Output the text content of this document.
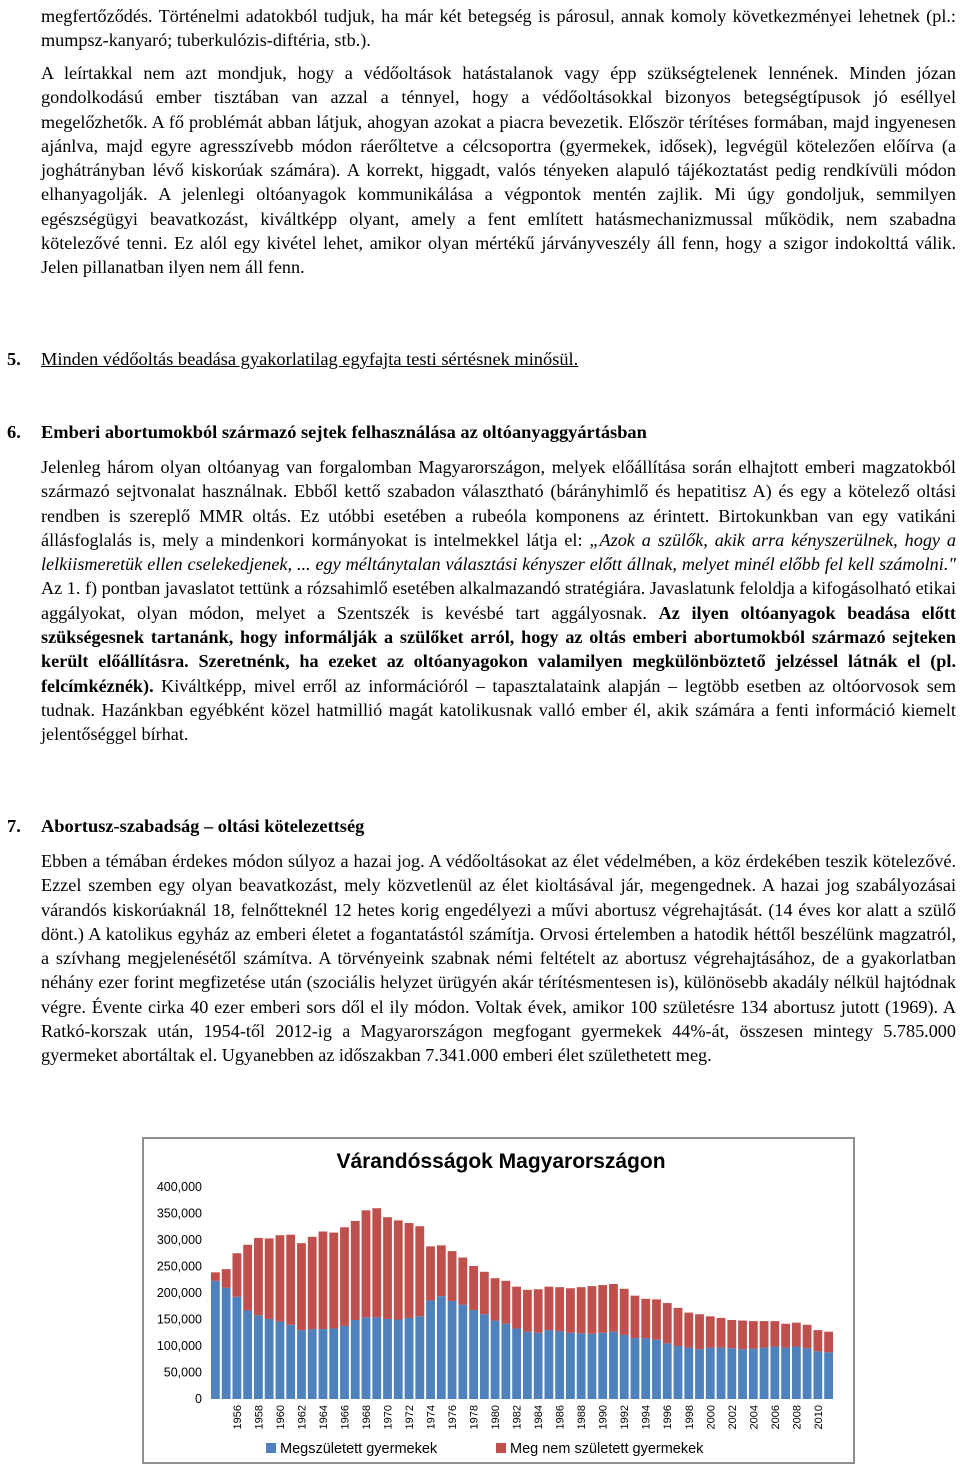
megfertőződés. Történelmi adatokból tudjuk, ha már két betegség is párosul, annak komoly következményei lehetnek (pl.: mumpsz-kanyaró; tuberkulózis-diftéria, stb.).

A leírtakkal nem azt mondjuk, hogy a védőoltások hatástalanok vagy épp szükségtelenek lennének. Minden józan gondolkodású ember tisztában van azzal a ténnyel, hogy a védőoltásokkal bizonyos betegségtípusok jó eséllyel megelőzhetők. A fő problémát abban látjuk, ahogyan azokat a piacra bevezetik. Először térítéses formában, majd ingyenesen ajánlva, majd egyre agresszívebb módon ráerőltetve a célcsoportra (gyermekek, idősek), legvégül kötelezően előírva (a joghátrányban lévő kiskorúak számára). A korrekt, higgadt, valós tényeken alapuló tájékoztatást pedig rendkívüli módon elhanyagolják. A jelenlegi oltóanyagok kommunikálása a végpontok mentén zajlik. Mi úgy gondoljuk, semmilyen egészségügyi beavatkozást, kiváltképp olyant, amely a fent említett hatásmechanizmussal működik, nem szabadna kötelezővé tenni. Ez alól egy kivétel lehet, amikor olyan mértékű járványveszély áll fenn, hogy a szigor indokolttá válik. Jelen pillanatban ilyen nem áll fenn.

5. Minden védőoltás beadása gyakorlatilag egyfajta testi sértésnek minősül.
6. Emberi abortumokból származó sejtek felhasználása az oltóanyaggyártásban

Jelenleg három olyan oltóanyag van forgalomban Magyarországon, melyek előállítása során elhajtott emberi magzatokból származó sejtvonalat használnak. Ebből kettő szabadon választható (bárányhimlő és hepatitisz A) és egy a kötelező oltási rendben is szereplő MMR oltás. Ez utóbbi esetében a rubeóla komponens az érintett. Birtokunkban van egy vatikáni állásfoglalás is, mely a mindenkori kormányokat is intelmekkel látja el: „Azok a szülők, akik arra kényszerülnek, hogy a lelkiismeretük ellen cselekedjenek, ... egy méltánytalan választási kényszer előtt állnak, melyet minél előbb fel kell számolni." Az 1. f) pontban javaslatot tettünk a rózsahimlő esetében alkalmazandó stratégiára. Javaslatunk feloldja a kifogásolható etikai aggályokat, olyan módon, melyet a Szentszék is kevésbé tart aggályosnak. Az ilyen oltóanyagok beadása előtt szükségesnek tartanánk, hogy informálják a szülőket arról, hogy az oltás emberi abortumokból származó sejteken került előállításra. Szeretnénk, ha ezeket az oltóanyagokon valamilyen megkülönböztető jelzéssel látnák el (pl. felcímkéznék). Kiváltképp, mivel erről az információról – tapasztalataink alapján – legtöbb esetben az oltóorvosok sem tudnak. Hazánkban egyébként közel hatmillió magát katolikusnak valló ember él, akik számára a fenti információ kiemelt jelentőséggel bírhat.

7. Abortusz-szabadság – oltási kötelezettség

Ebben a témában érdekes módon súlyoz a hazai jog. A védőoltásokat az élet védelmében, a köz érdekében teszik kötelezővé. Ezzel szemben egy olyan beavatkozást, mely közvetlenül az élet kioltásával jár, megengednek. A hazai jog szabályozásai várandós kiskorúaknál 18, felnőtteknél 12 hetes korig engedélyezi a művi abortusz végrehajtását. (14 éves kor alatt a szülő dönt.) A katolikus egyház az emberi életet a fogantatástól számítja. Orvosi értelemben a hatodik héttől beszélünk magzatról, a szívhang megjelenésétől számítva. A törvényeink szabnak némi feltételt az abortusz végrehajtásához, de a gyakorlatban néhány ezer forint megfizetése után (szociális helyzet ürügyén akár térítésmentesen is), különösebb akadály nélkül hajtódnak végre. Évente cirka 40 ezer emberi sors dől el ily módon. Voltak évek, amikor 100 születésre 134 abortusz jutott (1969). A Ratkó-korszak után, 1954-től 2012-ig a Magyarországon megfogant gyermekek 44%-át, összesen mintegy 5.785.000 gyermeket abortáltak el. Ugyanebben az időszakban 7.341.000 emberi élet születhetett meg.

Várandósságok Magyarországon
0
50,000
100,000
150,000
200,000
250,000
300,000
350,000
400,000
1956 1958 1960 1962 1964 1966 1968 1970 1972 1974 1976 1978 1980 1982 1984 1986 1988 1990 1992 1994 1996 1998 2000 2002 2004 2006 2008 2010
Megszületett gyermekek	Meg nem született gyermekek
